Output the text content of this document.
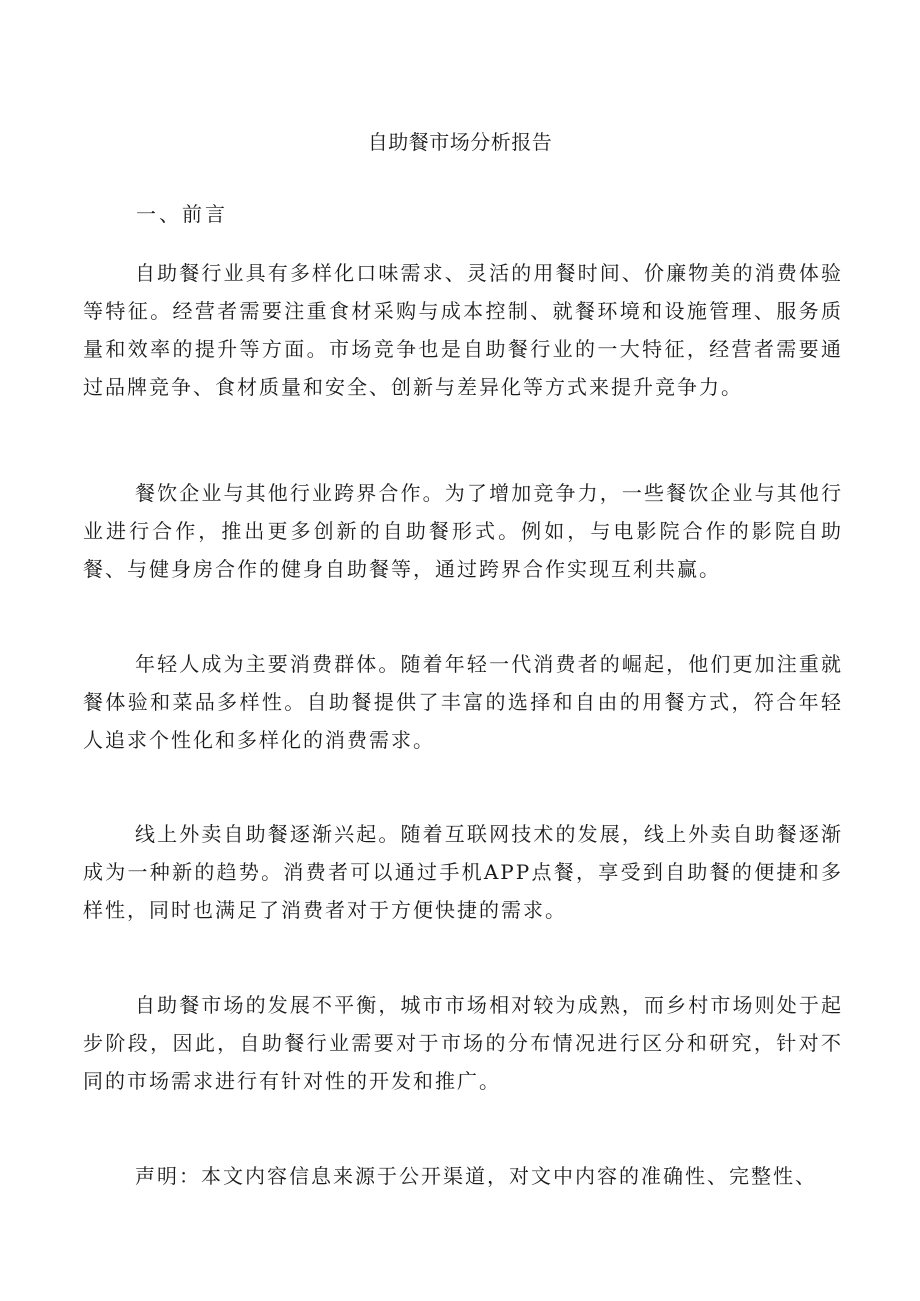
自助餐市场分析报告
一、前言
自助餐行业具有多样化口味需求、灵活的用餐时间、价廉物美的消费体验等特征。经营者需要注重食材采购与成本控制、就餐环境和设施管理、服务质量和效率的提升等方面。市场竞争也是自助餐行业的一大特征，经营者需要通过品牌竞争、食材质量和安全、创新与差异化等方式来提升竞争力。
餐饮企业与其他行业跨界合作。为了增加竞争力，一些餐饮企业与其他行业进行合作，推出更多创新的自助餐形式。例如，与电影院合作的影院自助餐、与健身房合作的健身自助餐等，通过跨界合作实现互利共赢。
年轻人成为主要消费群体。随着年轻一代消费者的崛起，他们更加注重就餐体验和菜品多样性。自助餐提供了丰富的选择和自由的用餐方式，符合年轻人追求个性化和多样化的消费需求。
线上外卖自助餐逐渐兴起。随着互联网技术的发展，线上外卖自助餐逐渐成为一种新的趋势。消费者可以通过手机APP点餐，享受到自助餐的便捷和多样性，同时也满足了消费者对于方便快捷的需求。
自助餐市场的发展不平衡，城市市场相对较为成熟，而乡村市场则处于起步阶段，因此，自助餐行业需要对于市场的分布情况进行区分和研究，针对不同的市场需求进行有针对性的开发和推广。
声明：本文内容信息来源于公开渠道，对文中内容的准确性、完整性、
